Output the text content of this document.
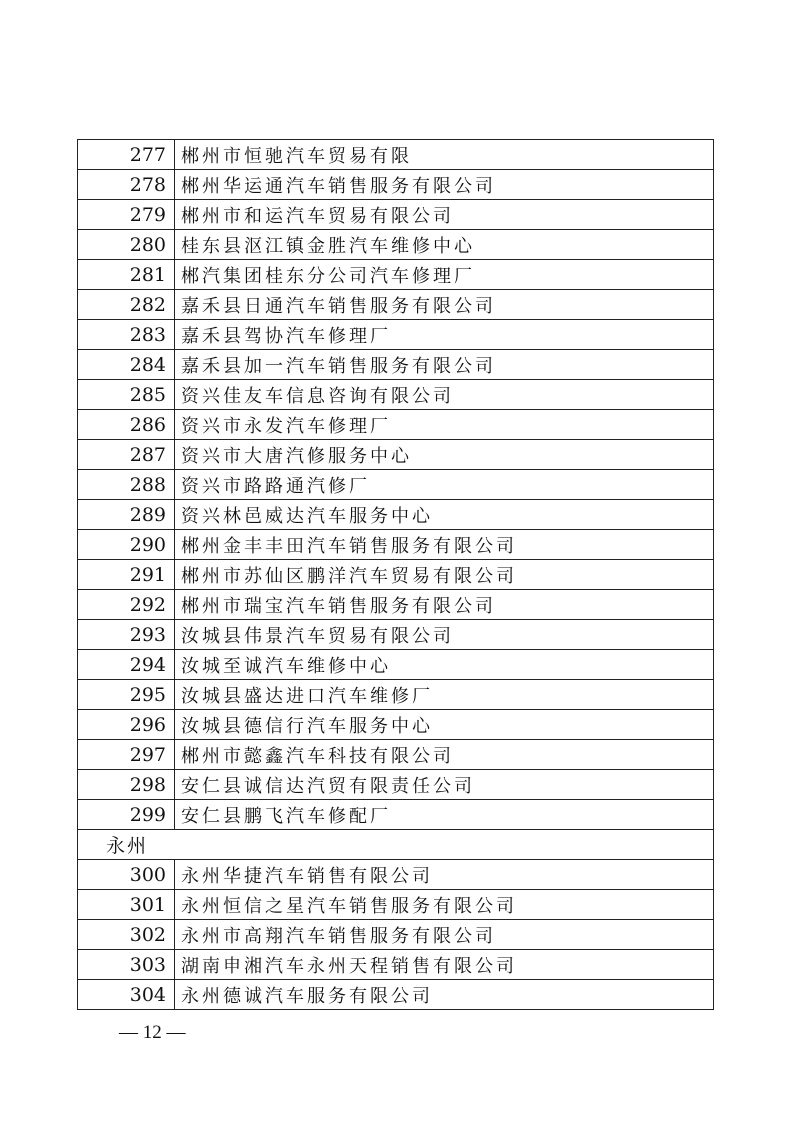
277	郴州市恒驰汽车贸易有限
278	郴州华运通汽车销售服务有限公司
279	郴州市和运汽车贸易有限公司
280	桂东县沤江镇金胜汽车维修中心
281	郴汽集团桂东分公司汽车修理厂
282	嘉禾县日通汽车销售服务有限公司
283	嘉禾县驾协汽车修理厂
284	嘉禾县加一汽车销售服务有限公司
285	资兴佳友车信息咨询有限公司
286	资兴市永发汽车修理厂
287	资兴市大唐汽修服务中心
288	资兴市路路通汽修厂
289	资兴林邑威达汽车服务中心
290	郴州金丰丰田汽车销售服务有限公司
291	郴州市苏仙区鹏洋汽车贸易有限公司
292	郴州市瑞宝汽车销售服务有限公司
293	汝城县伟景汽车贸易有限公司
294	汝城至诚汽车维修中心
295	汝城县盛达进口汽车维修厂
296	汝城县德信行汽车服务中心
297	郴州市懿鑫汽车科技有限公司
298	安仁县诚信达汽贸有限责任公司
299	安仁县鹏飞汽车修配厂
永州	
300	永州华捷汽车销售有限公司
301	永州恒信之星汽车销售服务有限公司
302	永州市高翔汽车销售服务有限公司
303	湖南申湘汽车永州天程销售有限公司
304	永州德诚汽车服务有限公司
— 12 —
